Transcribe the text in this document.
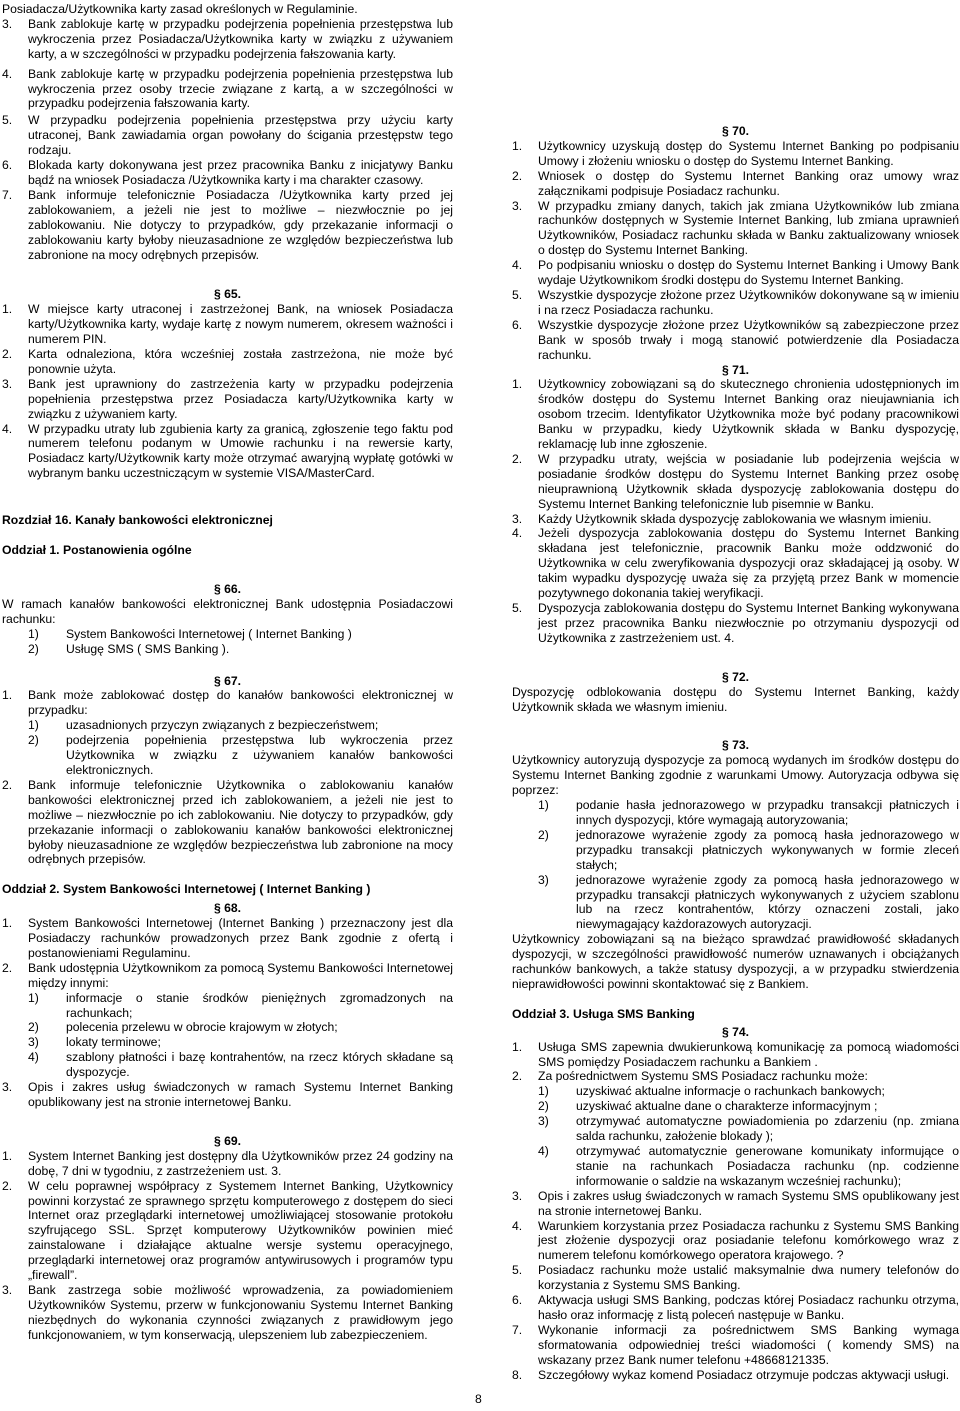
Posiadacza/Użytkownika karty zasad określonych w Regulaminie.
3.	Bank zablokuje kartę w przypadku podejrzenia popełnienia przestępstwa lub wykroczenia przez Posiadacza/Użytkownika karty w związku z używaniem karty, a w szczególności w przypadku podejrzenia fałszowania karty.
4.	Bank zablokuje kartę w przypadku podejrzenia popełnienia przestępstwa lub wykroczenia przez osoby trzecie związane z kartą, a w szczególności w przypadku podejrzenia fałszowania karty.
5.	W przypadku podejrzenia popełnienia przestępstwa przy użyciu karty utraconej, Bank zawiadamia organ powołany do ścigania przestępstw tego rodzaju.
6.	Blokada karty dokonywana jest przez pracownika Banku z inicjatywy Banku bądź na wniosek Posiadacza /Użytkownika karty i ma charakter czasowy.
7.	Bank informuje telefonicznie Posiadacza /Użytkownika karty przed jej zablokowaniem, a jeżeli nie jest to możliwe – niezwłocznie po jej zablokowaniu. Nie dotyczy to przypadków, gdy przekazanie informacji o zablokowaniu karty byłoby nieuzasadnione ze względów bezpieczeństwa lub zabronione na mocy odrębnych przepisów.
§ 65.
1.	W miejsce karty utraconej i zastrzeżonej Bank, na wniosek Posiadacza karty/Użytkownika karty, wydaje kartę z nowym numerem, okresem ważności i numerem PIN.
2.	Karta odnaleziona, która wcześniej została zastrzeżona, nie może być ponownie użyta.
3.	Bank jest uprawniony do zastrzeżenia karty w przypadku podejrzenia popełnienia przestępstwa przez Posiadacza karty/Użytkownika karty w związku z używaniem karty.
4.	W przypadku utraty lub zgubienia karty za granicą, zgłoszenie tego faktu pod numerem telefonu podanym w Umowie rachunku i na rewersie karty, Posiadacz karty/Użytkownik karty może otrzymać awaryjną wypłatę gotówki w wybranym banku uczestniczącym w systemie VISA/MasterCard.
Rozdział 16. Kanały bankowości elektronicznej
Oddział 1. Postanowienia ogólne
§ 66.
W ramach kanałów bankowości elektronicznej Bank udostępnia Posiadaczowi rachunku:
1)	System Bankowości Internetowej ( Internet Banking )
2)	Usługę SMS ( SMS Banking ).
§ 67.
1.	Bank może zablokować dostęp do kanałów bankowości elektronicznej w przypadku:
1)	uzasadnionych przyczyn związanych z bezpieczeństwem;
2)	podejrzenia popełnienia przestępstwa lub wykroczenia przez Użytkownika w związku z używaniem kanałów bankowości elektronicznych.
2.	Bank informuje telefonicznie Użytkownika o zablokowaniu kanałów bankowości elektronicznej przed ich zablokowaniem, a jeżeli nie jest to możliwe – niezwłocznie po ich zablokowaniu. Nie dotyczy to przypadków, gdy przekazanie informacji o zablokowaniu kanałów bankowości elektronicznej byłoby nieuzasadnione ze względów bezpieczeństwa lub zabronione na mocy odrębnych przepisów.
Oddział 2. System Bankowości Internetowej ( Internet Banking )
§ 68.
1.	System Bankowości Internetowej (Internet Banking ) przeznaczony jest dla Posiadaczy rachunków prowadzonych przez Bank zgodnie z ofertą i postanowieniami Regulaminu.
2.	Bank udostępnia Użytkownikom za pomocą Systemu Bankowości Internetowej między innymi:
1)	informacje o stanie środków pieniężnych zgromadzonych na rachunkach;
2)	polecenia przelewu w obrocie krajowym w złotych;
3)	lokaty terminowe;
4)	szablony płatności i bazę kontrahentów, na rzecz których składane są dyspozycje.
3.	Opis i zakres usług świadczonych w ramach Systemu Internet Banking opublikowany jest na stronie internetowej Banku.
§ 69.
1.	System Internet Banking jest dostępny dla Użytkowników przez 24 godziny na dobę, 7 dni w tygodniu, z zastrzeżeniem ust. 3.
2.	W celu poprawnej współpracy z Systemem Internet Banking, Użytkownicy powinni korzystać ze sprawnego sprzętu komputerowego z dostępem do sieci Internet oraz przeglądarki internetowej umożliwiającej stosowanie protokołu szyfrującego SSL. Sprzęt komputerowy Użytkowników powinien mieć zainstalowane i działające aktualne wersje systemu operacyjnego, przeglądarki internetowej oraz programów antywirusowych i programów typu „firewall”.
3.	Bank zastrzega sobie możliwość wprowadzenia, za powiadomieniem Użytkowników Systemu, przerw w funkcjonowaniu Systemu Internet Banking niezbędnych do wykonania czynności związanych z prawidłowym jego funkcjonowaniem, w tym konserwacją, ulepszeniem lub zabezpieczeniem.
§ 70.
1.	Użytkownicy uzyskują dostęp do Systemu Internet Banking po podpisaniu Umowy i złożeniu wniosku o dostęp do Systemu Internet Banking.
2.	Wniosek o dostęp do Systemu Internet Banking oraz umowy wraz załącznikami podpisuje Posiadacz rachunku.
3.	W przypadku zmiany danych, takich jak zmiana Użytkowników lub zmiana rachunków dostępnych w Systemie Internet Banking, lub zmiana uprawnień Użytkowników, Posiadacz rachunku składa w Banku zaktualizowany wniosek o dostęp do Systemu Internet Banking.
4.	Po podpisaniu wniosku o dostęp do Systemu Internet Banking i Umowy Bank wydaje Użytkownikom środki dostępu do Systemu Internet Banking.
5.	Wszystkie dyspozycje złożone przez Użytkowników dokonywane są w imieniu i na rzecz Posiadacza rachunku.
6.	Wszystkie dyspozycje złożone przez Użytkowników są zabezpieczone przez Bank w sposób trwały i mogą stanowić potwierdzenie dla Posiadacza rachunku.
§ 71.
1.	Użytkownicy zobowiązani są do skutecznego chronienia udostępnionych im środków dostępu do Systemu Internet Banking oraz nieujawniania ich osobom trzecim. Identyfikator Użytkownika może być podany pracownikowi Banku w przypadku, kiedy Użytkownik składa w Banku dyspozycję, reklamację lub inne zgłoszenie.
2.	W przypadku utraty, wejścia w posiadanie lub podejrzenia wejścia w posiadanie środków dostępu do Systemu Internet Banking przez osobę nieuprawnioną Użytkownik składa dyspozycję zablokowania dostępu do Systemu Internet Banking telefonicznie lub pisemnie w Banku.
3.	Każdy Użytkownik składa dyspozycję zablokowania we własnym imieniu.
4.	Jeżeli dyspozycja zablokowania dostępu do Systemu Internet Banking składana jest telefonicznie, pracownik Banku może oddzwonić do Użytkownika w celu zweryfikowania dyspozycji oraz składającej ją osoby. W takim wypadku dyspozycję uważa się za przyjętą przez Bank w momencie pozytywnego dokonania takiej weryfikacji.
5.	Dyspozycja zablokowania dostępu do Systemu Internet Banking wykonywana jest przez pracownika Banku niezwłocznie po otrzymaniu dyspozycji od Użytkownika z zastrzeżeniem ust. 4.
§ 72.
Dyspozycję odblokowania dostępu do Systemu Internet Banking, każdy Użytkownik składa we własnym imieniu.
§ 73.
Użytkownicy autoryzują dyspozycje za pomocą wydanych im środków dostępu do Systemu Internet Banking zgodnie z warunkami Umowy. Autoryzacja odbywa się poprzez:
1)	podanie hasła jednorazowego w przypadku transakcji płatniczych i innych dyspozycji, które wymagają autoryzowania;
2)	jednorazowe wyrażenie zgody za pomocą hasła jednorazowego w przypadku transakcji płatniczych wykonywanych w formie zleceń stałych;
3)	jednorazowe wyrażenie zgody za pomocą hasła jednorazowego w przypadku transakcji płatniczych wykonywanych z użyciem szablonu lub na rzecz kontrahentów, którzy oznaczeni zostali, jako niewymagający każdorazowych autoryzacji.
Użytkownicy zobowiązani są na bieżąco sprawdzać prawidłowość składanych dyspozycji, w szczególności prawidłowość numerów uznawanych i obciążanych rachunków bankowych, a także statusy dyspozycji, a w przypadku stwierdzenia nieprawidłowości powinni skontaktować się z Bankiem.
Oddział 3. Usługa SMS Banking
§ 74.
1.	Usługa SMS zapewnia dwukierunkową komunikację za pomocą wiadomości SMS pomiędzy Posiadaczem rachunku a Bankiem .
2.	Za pośrednictwem Systemu SMS Posiadacz rachunku może:
1)	uzyskiwać aktualne informacje o rachunkach bankowych;
2)	uzyskiwać aktualne dane o charakterze informacyjnym ;
3)	otrzymywać automatyczne powiadomienia po zdarzeniu (np. zmiana salda rachunku, założenie blokady );
4)	otrzymywać automatycznie generowane komunikaty informujące o stanie na rachunkach Posiadacza rachunku (np. codzienne informowanie o saldzie na wskazanym wcześniej rachunku);
3.	Opis i zakres usług świadczonych w ramach Systemu SMS opublikowany jest na stronie internetowej Banku.
4.	Warunkiem korzystania przez Posiadacza rachunku z Systemu SMS Banking jest złożenie dyspozycji oraz posiadanie telefonu komórkowego wraz z numerem telefonu komórkowego operatora krajowego. ?
5.	Posiadacz rachunku może ustalić maksymalnie dwa numery telefonów do korzystania z Systemu SMS Banking.
6.	Aktywacja usługi SMS Banking, podczas której Posiadacz rachunku otrzyma, hasło oraz informację z listą poleceń następuje w Banku.
7.	Wykonanie informacji za pośrednictwem SMS Banking wymaga sformatowania odpowiedniej treści wiadomości ( komendy SMS) na wskazany przez Bank numer telefonu +48668121335.
8.	Szczegółowy wykaz komend Posiadacz otrzymuje podczas aktywacji usługi.
8
